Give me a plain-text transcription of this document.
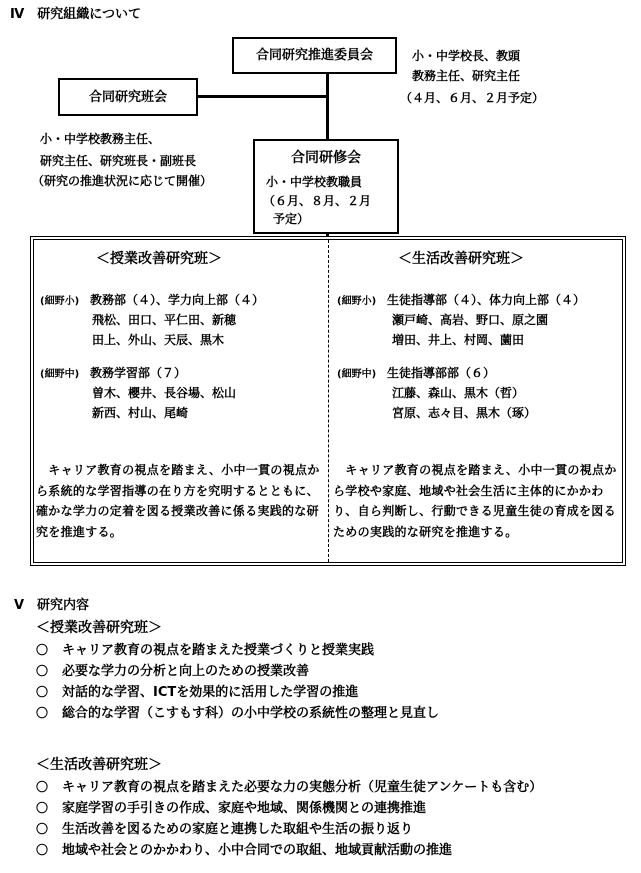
Ⅳ　研究組織について
合同研究推進委員会	小・中学校長、教頭
教務主任、研究主任
（４月、６月、２月予定）
合同研究班会
小・中学校教務主任、
研究主任、研究班長・副班長
（研究の推進状況に応じて開催）
合同研修会
小・中学校教職員
（６月、８月、２月
予定）
＜授業改善研究班＞
(細野小) 教務部（４）、学力向上部（４）
飛松、田口、平仁田、新穂
田上、外山、天辰、黒木
(細野中) 教務学習部（７）
曽木、櫻井、長谷場、松山
新西、村山、尾崎
　キャリア教育の視点を踏まえ、小中一貫の視点から系統的な学習指導の在り方を究明するとともに、確かな学力の定着を図る授業改善に係る実践的な研究を推進する。
＜生活改善研究班＞
(細野小) 生徒指導部（４）、体力向上部（４）
瀬戸崎、高岩、野口、原之園
増田、井上、村岡、薗田
(細野中) 生徒指導部部（６）
江藤、森山、黒木（哲）
宮原、志々目、黒木（琢）
　キャリア教育の視点を踏まえ、小中一貫の視点から学校や家庭、地域や社会生活に主体的にかかわり、自ら判断し、行動できる児童生徒の育成を図るための実践的な研究を推進する。
Ⅴ　研究内容
＜授業改善研究班＞
〇 キャリア教育の視点を踏まえた授業づくりと授業実践
〇 必要な学力の分析と向上のための授業改善
〇 対話的な学習、ICTを効果的に活用した学習の推進
〇 総合的な学習（こすもす科）の小中学校の系統性の整理と見直し
＜生活改善研究班＞
〇 キャリア教育の視点を踏まえた必要な力の実態分析（児童生徒アンケートも含む）
〇 家庭学習の手引きの作成、家庭や地域、関係機関との連携推進
〇 生活改善を図るための家庭と連携した取組や生活の振り返り
〇 地域や社会とのかかわり、小中合同での取組、地域貢献活動の推進
